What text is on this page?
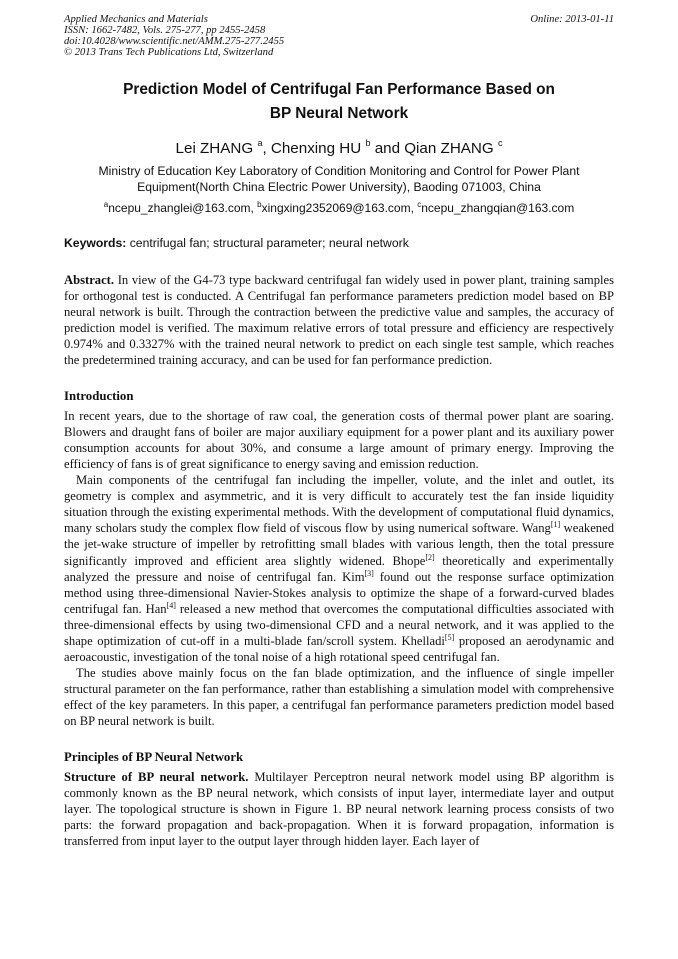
Applied Mechanics and Materials
ISSN: 1662-7482, Vols. 275-277, pp 2455-2458
doi:10.4028/www.scientific.net/AMM.275-277.2455
© 2013 Trans Tech Publications Ltd, Switzerland
Online: 2013-01-11
Prediction Model of Centrifugal Fan Performance Based on
BP Neural Network
Lei ZHANG $^a$, Chenxing HU $^b$ and Qian ZHANG $^c$
Ministry of Education Key Laboratory of Condition Monitoring and Control for Power Plant
Equipment(North China Electric Power University), Baoding 071003, China
$^a$ncepu_zhanglei@163.com, $^b$xingxing2352069@163.com, $^c$ncepu_zhangqian@163.com
Keywords: centrifugal fan; structural parameter; neural network

Abstract. In view of the G4-73 type backward centrifugal fan widely used in power plant, training samples for orthogonal test is conducted. A Centrifugal fan performance parameters prediction model based on BP neural network is built. Through the contraction between the predictive value and samples, the accuracy of prediction model is verified. The maximum relative errors of total pressure and efficiency are respectively 0.974% and 0.3327% with the trained neural network to predict on each single test sample, which reaches the predetermined training accuracy, and can be used for fan performance prediction.

Introduction

In recent years, due to the shortage of raw coal, the generation costs of thermal power plant are soaring. Blowers and draught fans of boiler are major auxiliary equipment for a power plant and its auxiliary power consumption accounts for about 30%, and consume a large amount of primary energy. Improving the efficiency of fans is of great significance to energy saving and emission reduction.

Main components of the centrifugal fan including the impeller, volute, and the inlet and outlet, its geometry is complex and asymmetric, and it is very difficult to accurately test the fan inside liquidity situation through the existing experimental methods. With the development of computational fluid dynamics, many scholars study the complex flow field of viscous flow by using numerical software. Wang[1] weakened the jet-wake structure of impeller by retrofitting small blades with various length, then the total pressure significantly improved and efficient area slightly widened. Bhope[2] theoretically and experimentally analyzed the pressure and noise of centrifugal fan. Kim[3] found out the response surface optimization method using three-dimensional Navier-Stokes analysis to optimize the shape of a forward-curved blades centrifugal fan. Han[4] released a new method that overcomes the computational difficulties associated with three-dimensional effects by using two-dimensional CFD and a neural network, and it was applied to the shape optimization of cut-off in a multi-blade fan/scroll system. Khelladi[5] proposed an aerodynamic and aeroacoustic, investigation of the tonal noise of a high rotational speed centrifugal fan.

The studies above mainly focus on the fan blade optimization, and the influence of single impeller structural parameter on the fan performance, rather than establishing a simulation model with comprehensive effect of the key parameters. In this paper, a centrifugal fan performance parameters prediction model based on BP neural network is built.

Principles of BP Neural Network

Structure of BP neural network. Multilayer Perceptron neural network model using BP algorithm is commonly known as the BP neural network, which consists of input layer, intermediate layer and output layer. The topological structure is shown in Figure 1. BP neural network learning process consists of two parts: the forward propagation and back-propagation. When it is forward propagation, information is transferred from input layer to the output layer through hidden layer. Each layer of
